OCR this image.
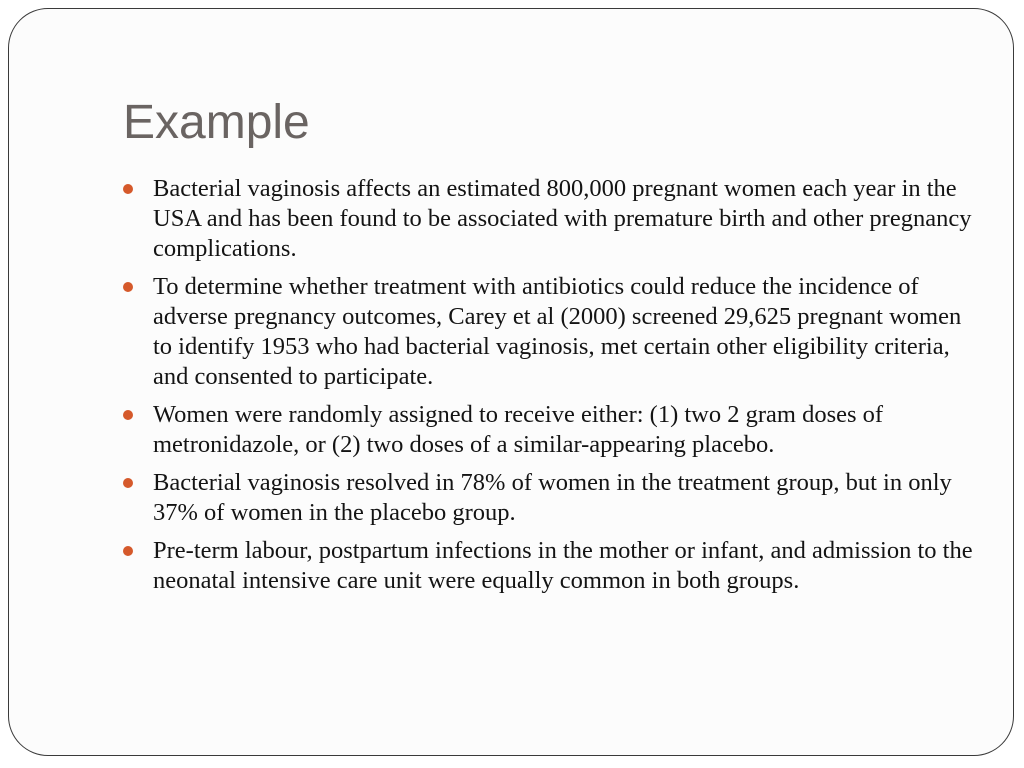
Example
Bacterial vaginosis affects an estimated 800,000 pregnant women each year in the USA and has been found to be associated with premature birth and other pregnancy complications.
To determine whether treatment with antibiotics could reduce the incidence of adverse pregnancy outcomes, Carey et al (2000) screened 29,625 pregnant women to identify 1953 who had bacterial vaginosis, met certain other eligibility criteria, and consented to participate.
Women were randomly assigned to receive either: (1) two 2 gram doses of metronidazole, or (2) two doses of a similar-appearing placebo.
Bacterial vaginosis resolved in 78% of women in the treatment group, but in only 37% of women in the placebo group.
Pre-term labour, postpartum infections in the mother or infant, and admission to the neonatal intensive care unit were equally common in both groups.
